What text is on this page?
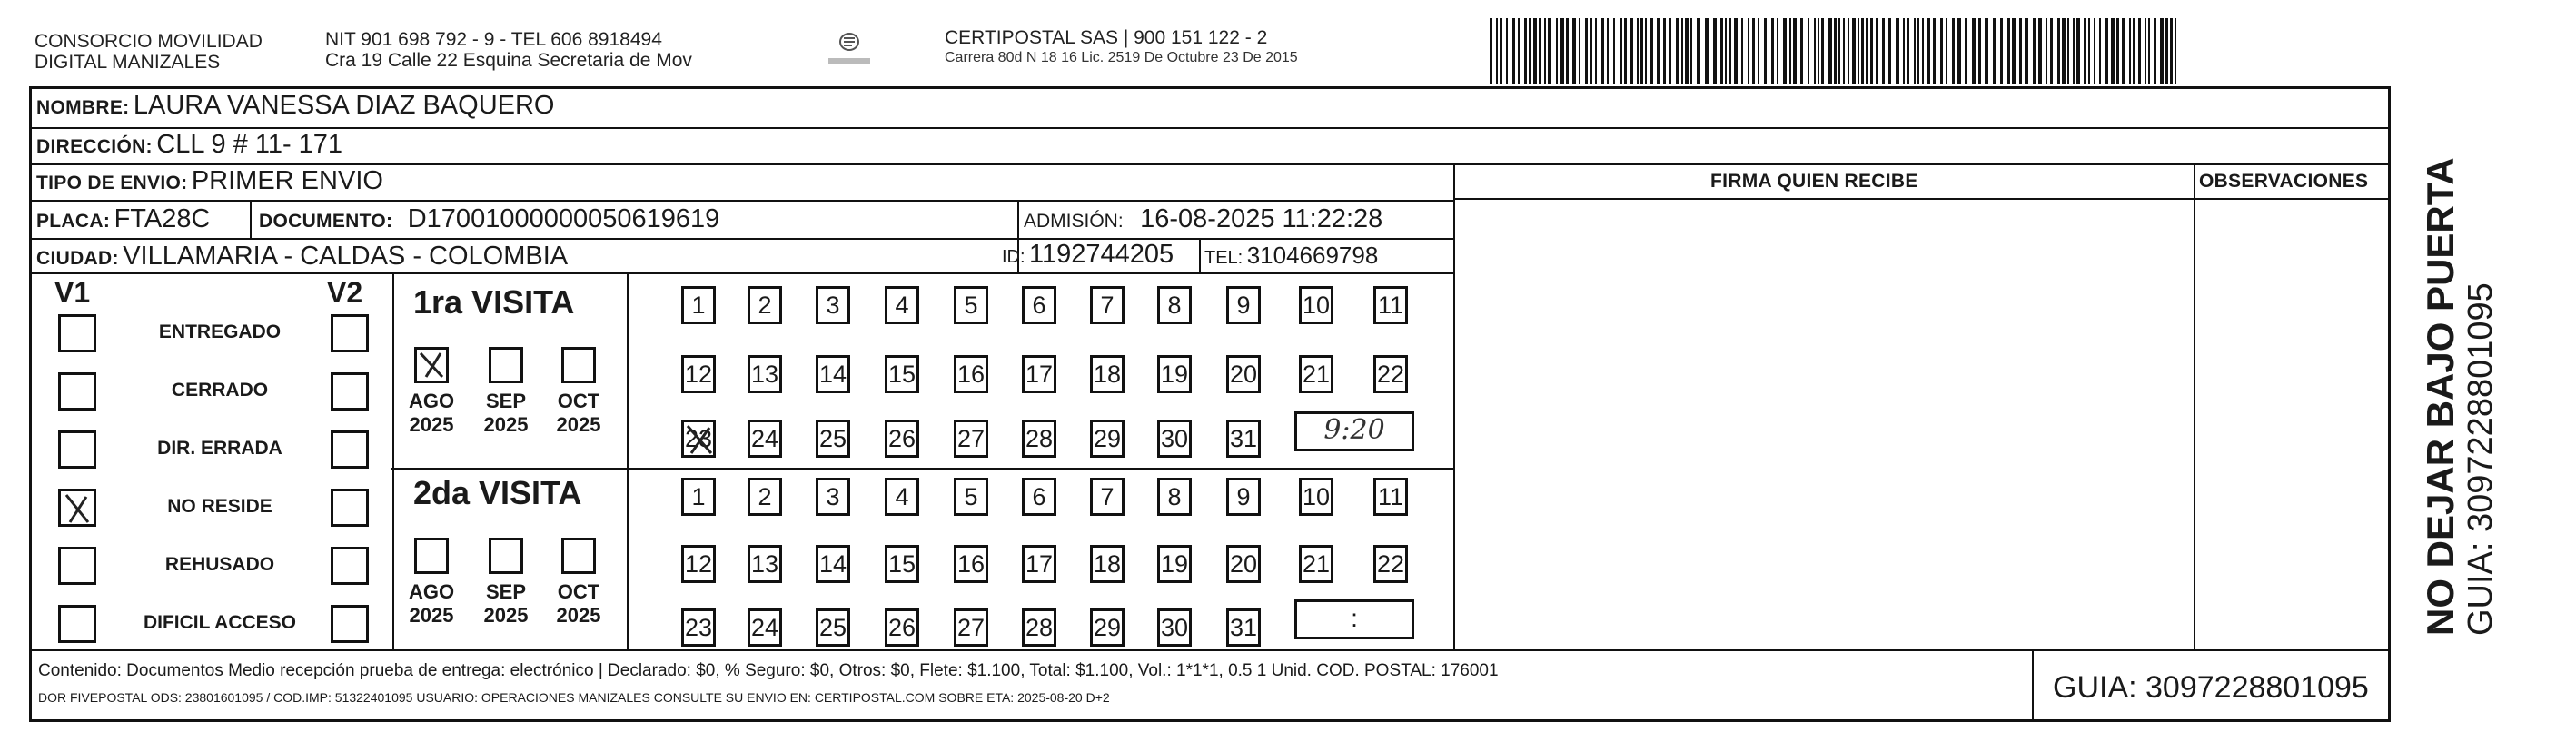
CONSORCIO MOVILIDAD
DIGITAL MANIZALES
NIT 901 698 792 - 9 - TEL 606 8918494
Cra 19 Calle 22 Esquina Secretaria de Mov
CERTIPOSTAL SAS | 900 151 122 - 2
Carrera 80d N 18 16 Lic. 2519 De Octubre 23 De 2015
NOMBRE: LAURA VANESSA DIAZ BAQUERO
DIRECCIÓN: CLL 9 # 11- 171
TIPO DE ENVIO: PRIMER ENVIO	FIRMA QUIEN RECIBE	OBSERVACIONES
PLACA: FTA28C	DOCUMENTO: D17001000000050619619	ADMISIÓN: 16-08-2025 11:22:28
CIUDAD: VILLAMARIA - CALDAS - COLOMBIA	ID: 1192744205 TEL: 3104669798
V1	V2
ENTREGADO
CERRADO
DIR. ERRADA
NO RESIDE
REHUSADO
DIFICIL ACCESO
1ra VISITA
2da VISITA
AGO
2025
SEP
2025
OCT
2025
AGO
2025
SEP
2025
OCT
2025
1	2	3	4	5	6	7	8	9	10 11
12 13 14 15 16 17 18 19 20 21 22
23 24 25 26 27 28 29 30 31
1	2	3	4	5	6	7	8	9	10 11
12 13 14 15 16 17 18 19 20 21 22
23 24 25 26 27 28 29 30 31
9:20
:
Contenido: Documentos Medio recepción prueba de entrega: electrónico | Declarado: $0, % Seguro: $0, Otros: $0, Flete: $1.100, Total: $1.100, Vol.: 1*1*1, 0.5 1 Unid. COD. POSTAL: 176001
DOR FIVEPOSTAL ODS: 23801601095 / COD.IMP: 51322401095 USUARIO: OPERACIONES MANIZALES CONSULTE SU ENVIO EN: CERTIPOSTAL.COM SOBRE ETA: 2025-08-20 D+2	GUIA: 3097228801095
NO DEJAR BAJO PUERTA GUIA: 3097228801095
